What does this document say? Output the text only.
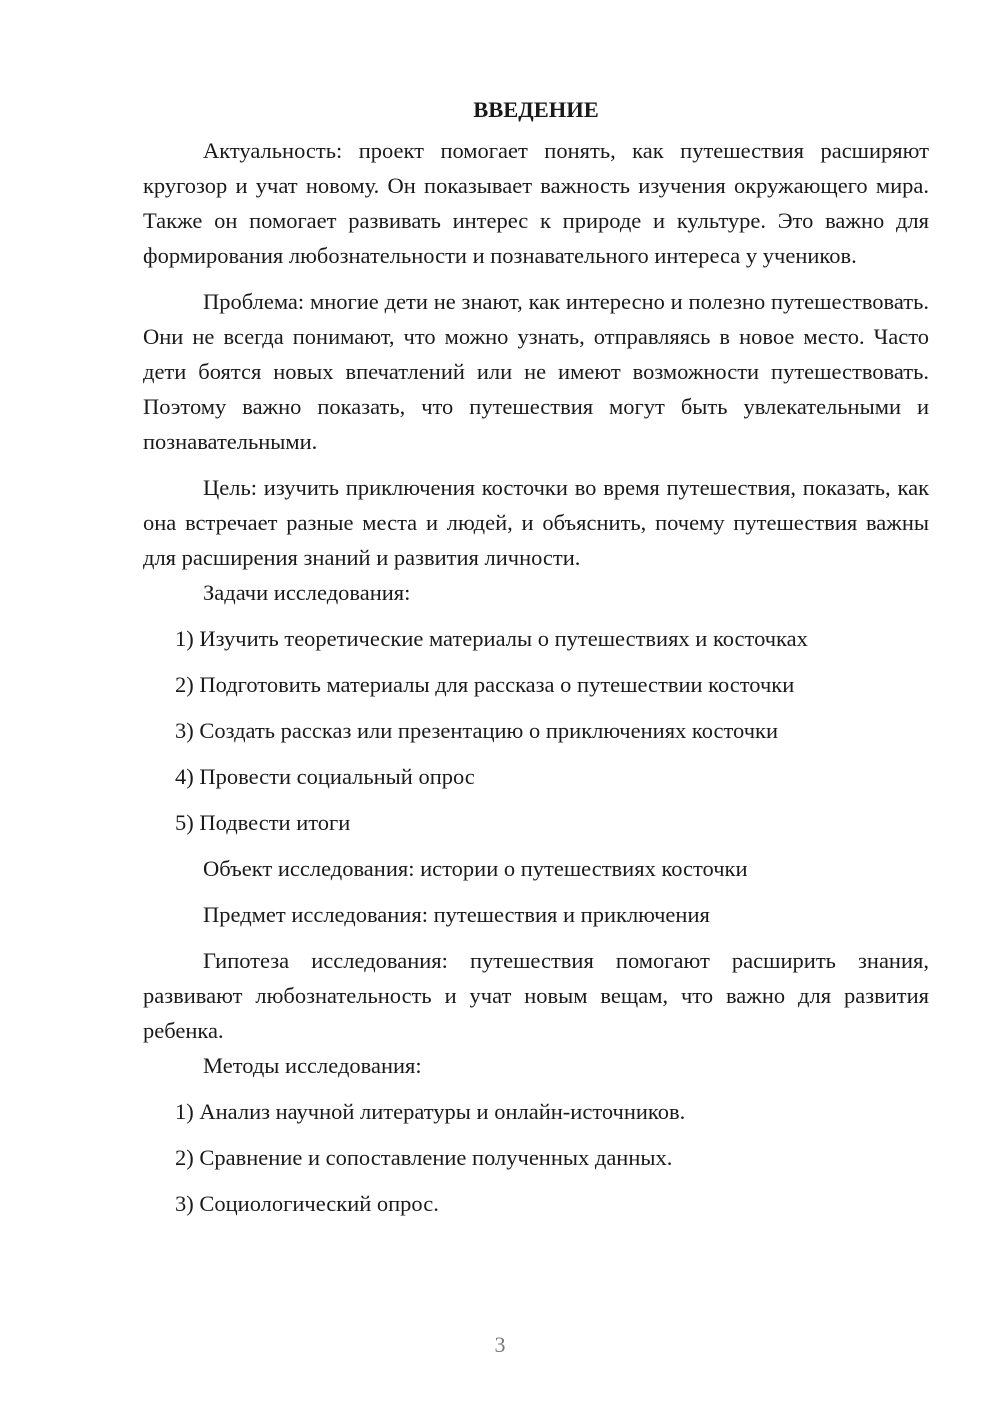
ВВЕДЕНИЕ

Актуальность: проект помогает понять, как путешествия расширяют кругозор и учат новому. Он показывает важность изучения окружающего мира. Также он помогает развивать интерес к природе и культуре. Это важно для формирования любознательности и познавательного интереса у учеников.

Проблема: многие дети не знают, как интересно и полезно путешествовать. Они не всегда понимают, что можно узнать, отправляясь в новое место. Часто дети боятся новых впечатлений или не имеют возможности путешествовать. Поэтому важно показать, что путешествия могут быть увлекательными и познавательными.

Цель: изучить приключения косточки во время путешествия, показать, как она встречает разные места и людей, и объяснить, почему путешествия важны для расширения знаний и развития личности.

Задачи исследования:

1) Изучить теоретические материалы о путешествиях и косточках

2) Подготовить материалы для рассказа о путешествии косточки

3) Создать рассказ или презентацию о приключениях косточки

4) Провести социальный опрос

5) Подвести итоги

Объект исследования: истории о путешествиях косточки

Предмет исследования: путешествия и приключения

Гипотеза исследования: путешествия помогают расширить знания, развивают любознательность и учат новым вещам, что важно для развития ребенка.

Методы исследования:

1) Анализ научной литературы и онлайн-источников.

2) Сравнение и сопоставление полученных данных.

3) Социологический опрос.

3
